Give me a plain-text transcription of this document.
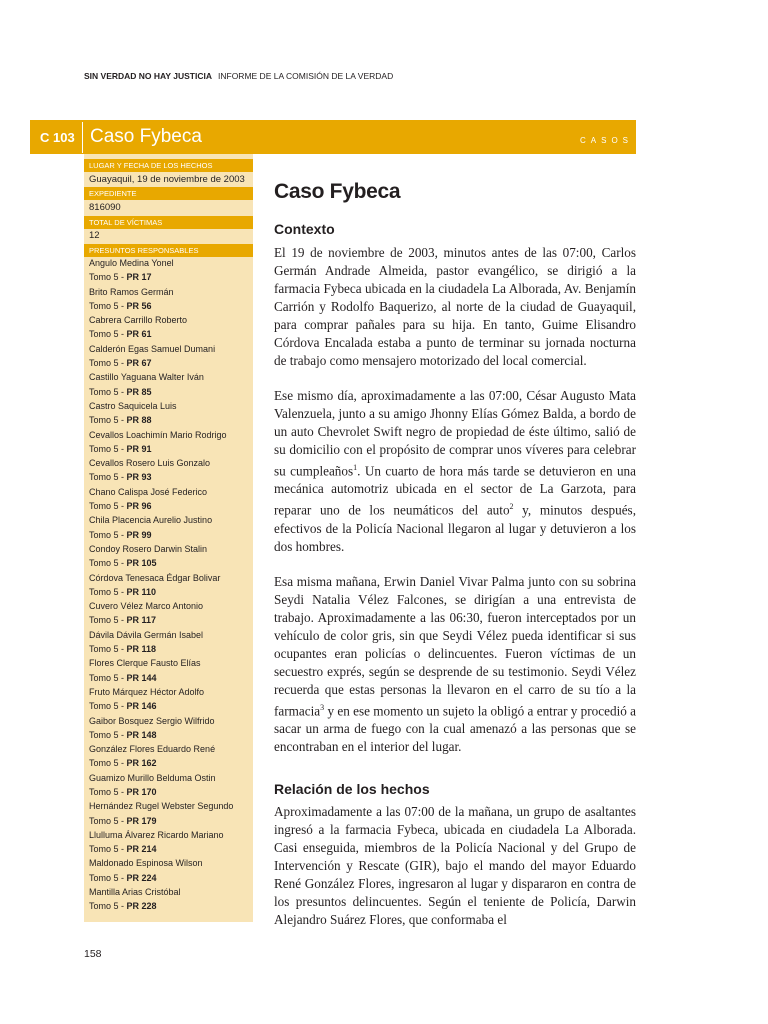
SIN VERDAD NO HAY JUSTICIA INFORME DE LA COMISIÓN DE LA VERDAD
C 103 Caso Fybeca	CASOS
LUGAR Y FECHA DE LOS HECHOS
Guayaquil, 19 de noviembre de 2003
EXPEDIENTE
816090
TOTAL DE VÍCTIMAS
12
PRESUNTOS RESPONSABLES
Angulo Medina Yonel
Tomo 5 - PR 17
Brito Ramos Germán
Tomo 5 - PR 56
Cabrera Carrillo Roberto
Tomo 5 - PR 61
Calderón Egas Samuel Dumani
Tomo 5 - PR 67
Castillo Yaguana Walter Iván
Tomo 5 - PR 85
Castro Saquicela Luis
Tomo 5 - PR 88
Cevallos Loachimín Mario Rodrigo
Tomo 5 - PR 91
Cevallos Rosero Luis Gonzalo
Tomo 5 - PR 93
Chano Calispa José Federico
Tomo 5 - PR 96
Chila Placencia Aurelio Justino
Tomo 5 - PR 99
Condoy Rosero Darwin Stalin
Tomo 5 - PR 105
Córdova Tenesaca Édgar Bolivar
Tomo 5 - PR 110
Cuvero Vélez Marco Antonio
Tomo 5 - PR 117
Dávila Dávila Germán Isabel
Tomo 5 - PR 118
Flores Clerque Fausto Elías
Tomo 5 - PR 144
Fruto Márquez Héctor Adolfo
Tomo 5 - PR 146
Gaibor Bosquez Sergio Wilfrido
Tomo 5 - PR 148
González Flores Eduardo René
Tomo 5 - PR 162
Guamizo Murillo Belduma Ostin
Tomo 5 - PR 170
Hernández Rugel Webster Segundo
Tomo 5 - PR 179
Llulluma Álvarez Ricardo Mariano
Tomo 5 - PR 214
Maldonado Espinosa Wilson
Tomo 5 - PR 224
Mantilla Arias Cristóbal
Tomo 5 - PR 228
Caso Fybeca
Contexto

El 19 de noviembre de 2003, minutos antes de las 07:00, Carlos Germán Andrade Almeida, pastor evangélico, se dirigió a la farmacia Fybeca ubicada en la ciudadela La Alborada, Av. Benjamín Carrión y Rodolfo Baquerizo, al norte de la ciudad de Guayaquil, para comprar pañales para su hija. En tanto, Guime Elisandro Córdova Encalada estaba a punto de terminar su jornada nocturna de trabajo como mensajero motorizado del local comercial.

Ese mismo día, aproximadamente a las 07:00, César Augusto Mata Valenzuela, junto a su amigo Jhonny Elías Gómez Balda, a bordo de un auto Chevrolet Swift negro de propiedad de éste último, salió de su domicilio con el propósito de comprar unos víveres para celebrar su cumpleaños$^1$. Un cuarto de hora más tarde se detuvieron en una mecánica automotriz ubicada en el sector de La Garzota, para reparar uno de los neumáticos del auto$^2$ y, minutos después, efectivos de la Policía Nacional llegaron al lugar y detuvieron a los dos hombres.

Esa misma mañana, Erwin Daniel Vivar Palma junto con su sobrina Seydi Natalia Vélez Falcones, se dirigían a una entrevista de trabajo. Aproximadamente a las 06:30, fueron interceptados por un vehículo de color gris, sin que Seydi Vélez pueda identificar si sus ocupantes eran policías o delincuentes. Fueron víctimas de un secuestro exprés, según se desprende de su testimonio. Seydi Vélez recuerda que estas personas la llevaron en el carro de su tío a la farmacia$^3$ y en ese momento un sujeto la obligó a entrar y procedió a sacar un arma de fuego con la cual amenazó a las personas que se encontraban en el interior del lugar.

Relación de los hechos

Aproximadamente a las 07:00 de la mañana, un grupo de asaltantes ingresó a la farmacia Fybeca, ubicada en ciudadela La Alborada. Casi enseguida, miembros de la Policía Nacional y del Grupo de Intervención y Rescate (GIR), bajo el mando del mayor Eduardo René González Flores, ingresaron al lugar y dispararon en contra de los presuntos delincuentes. Según el teniente de Policía, Darwin Alejandro Suárez Flores, que conformaba el

158
